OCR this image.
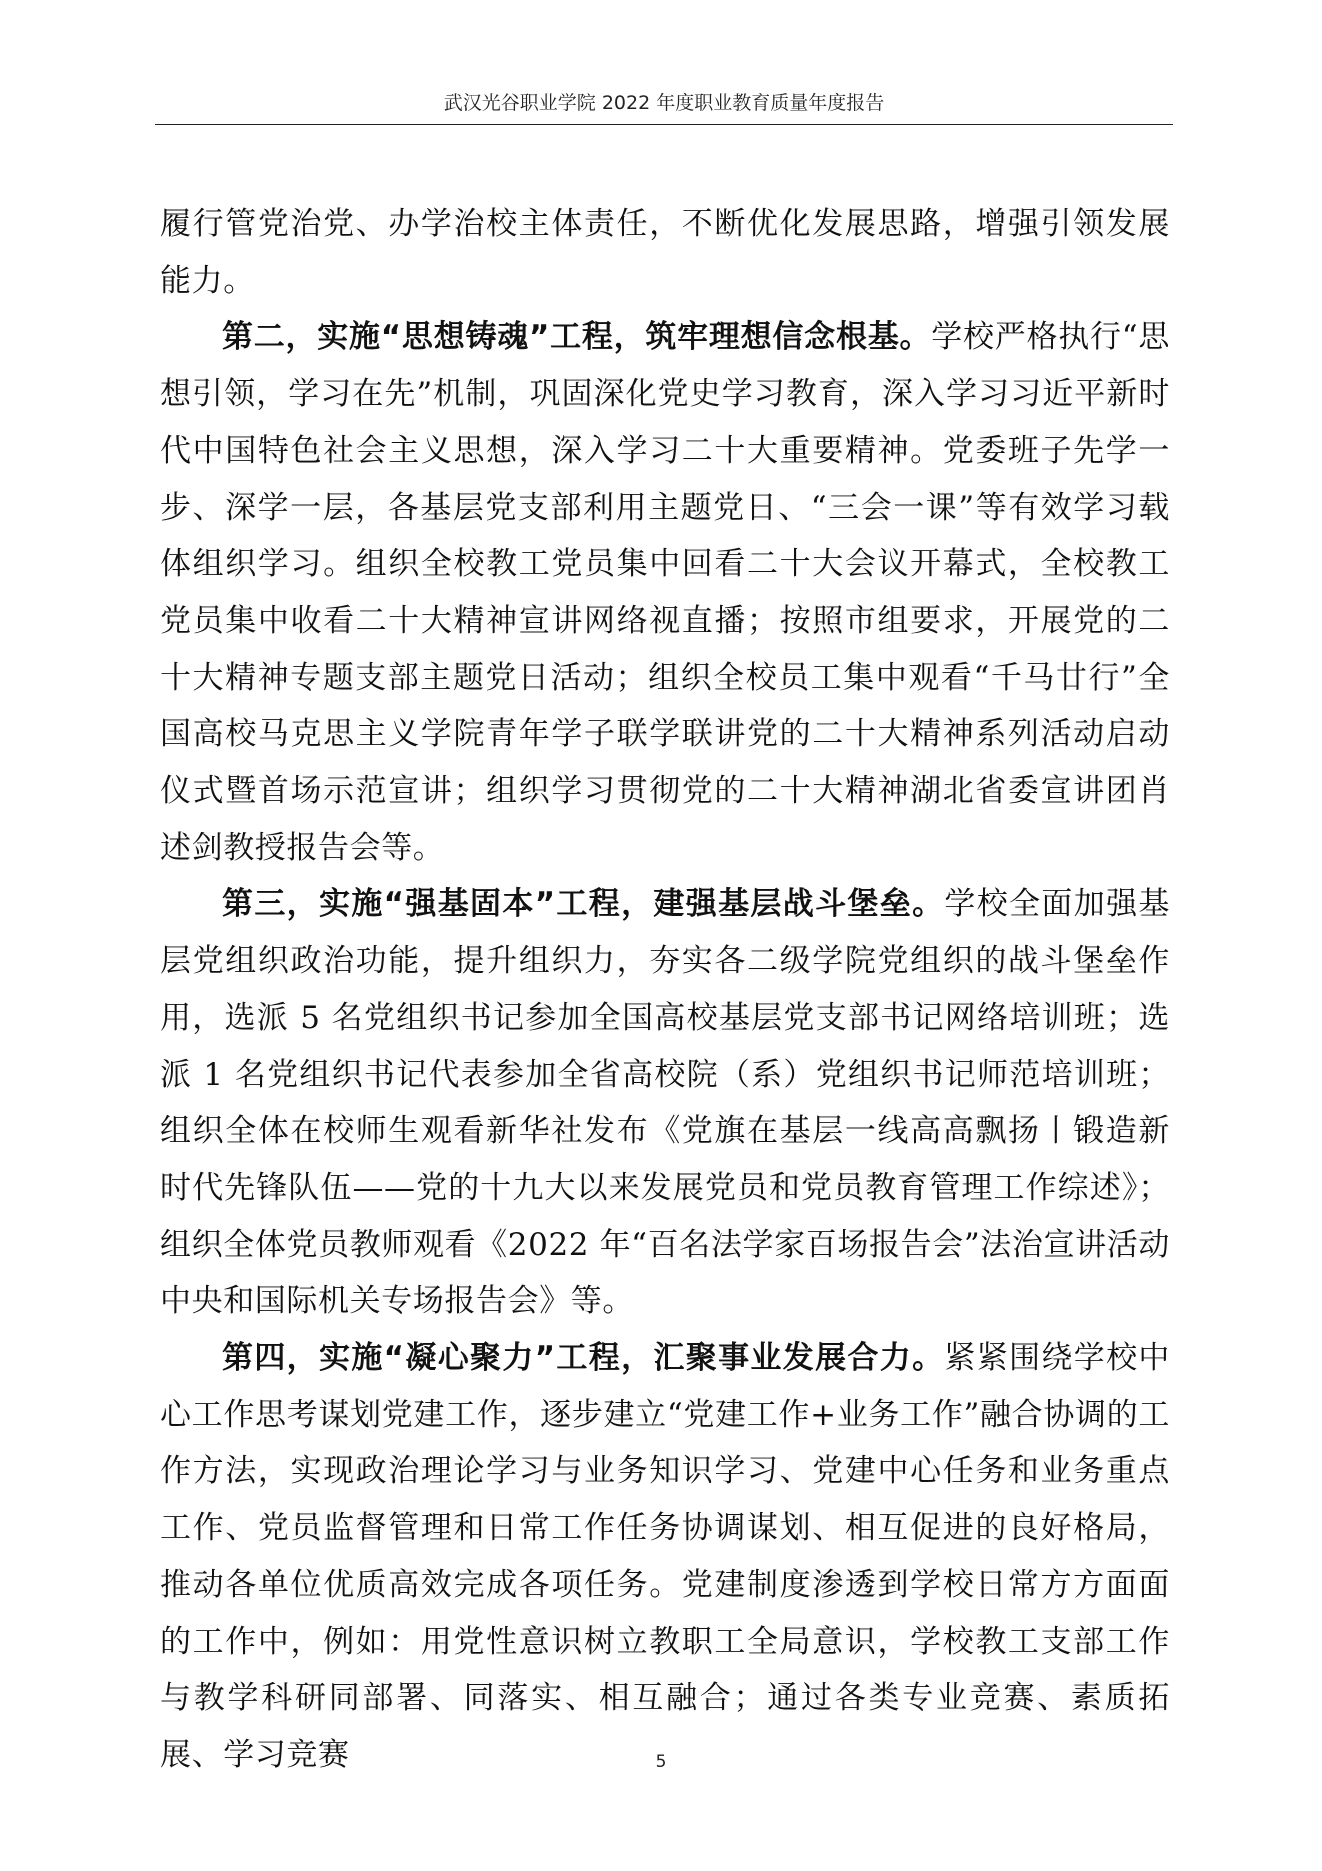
武汉光谷职业学院 2022 年度职业教育质量年度报告

履行管党治党、办学治校主体责任，不断优化发展思路，增强引领发展能力。

第二，实施“思想铸魂”工程，筑牢理想信念根基。学校严格执行“思想引领，学习在先”机制，巩固深化党史学习教育，深入学习习近平新时代中国特色社会主义思想，深入学习二十大重要精神。党委班子先学一步、深学一层，各基层党支部利用主题党日、“三会一课”等有效学习载体组织学习。组织全校教工党员集中回看二十大会议开幕式，全校教工党员集中收看二十大精神宣讲网络视直播；按照市组要求，开展党的二十大精神专题支部主题党日活动；组织全校员工集中观看“千马廿行”全国高校马克思主义学院青年学子联学联讲党的二十大精神系列活动启动仪式暨首场示范宣讲；组织学习贯彻党的二十大精神湖北省委宣讲团肖述剑教授报告会等。

第三，实施“强基固本”工程，建强基层战斗堡垒。学校全面加强基层党组织政治功能，提升组织力，夯实各二级学院党组织的战斗堡垒作用，选派 5 名党组织书记参加全国高校基层党支部书记网络培训班；选派 1 名党组织书记代表参加全省高校院（系）党组织书记师范培训班；组织全体在校师生观看新华社发布《党旗在基层一线高高飘扬丨锻造新时代先锋队伍——党的十九大以来发展党员和党员教育管理工作综述》；组织全体党员教师观看《2022 年“百名法学家百场报告会”法治宣讲活动中央和国际机关专场报告会》等。

第四，实施“凝心聚力”工程，汇聚事业发展合力。紧紧围绕学校中心工作思考谋划党建工作，逐步建立“党建工作+业务工作”融合协调的工作方法，实现政治理论学习与业务知识学习、党建中心任务和业务重点工作、党员监督管理和日常工作任务协调谋划、相互促进的良好格局，推动各单位优质高效完成各项任务。党建制度渗透到学校日常方方面面的工作中，例如：用党性意识树立教职工全局意识，学校教工支部工作与教学科研同部署、同落实、相互融合；通过各类专业竞赛、素质拓展、学习竞赛	5
